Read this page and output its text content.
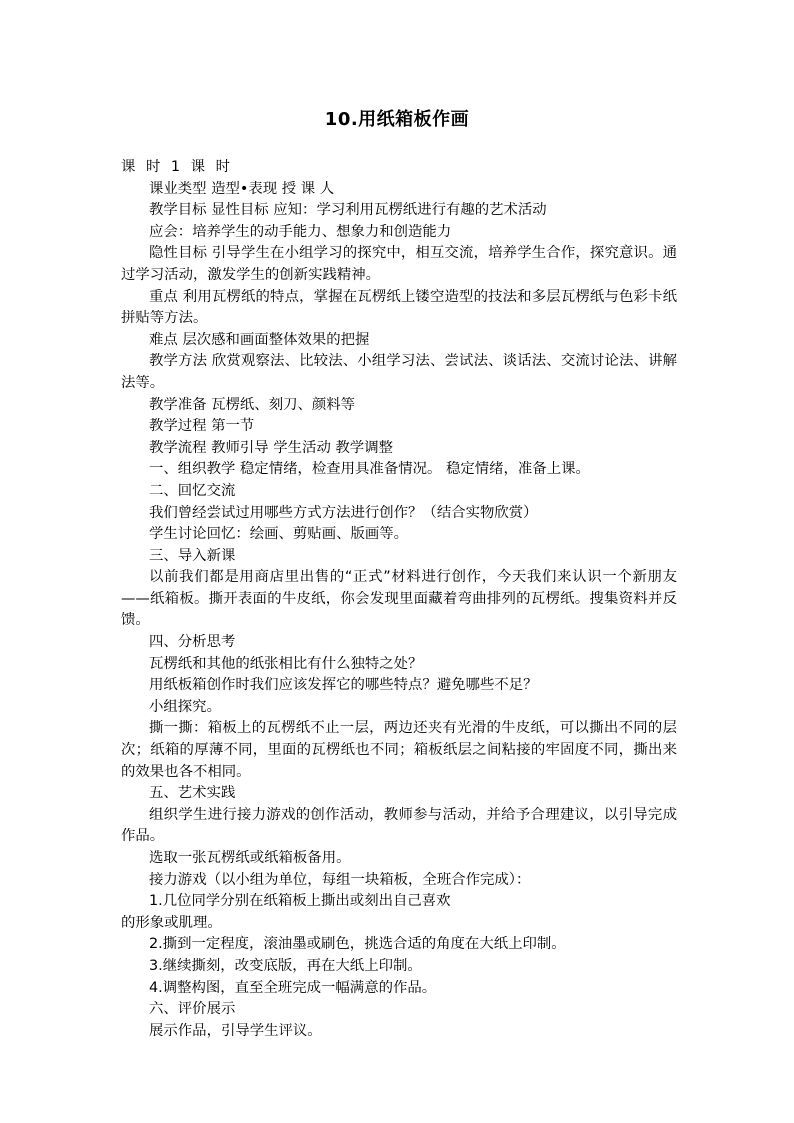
10.用纸箱板作画

课 时 1 课 时

课业类型 造型•表现 授 课 人

教学目标 显性目标 应知：学习利用瓦楞纸进行有趣的艺术活动

应会：培养学生的动手能力、想象力和创造能力

隐性目标 引导学生在小组学习的探究中，相互交流，培养学生合作，探究意识。通过学习活动，激发学生的创新实践精神。

重点 利用瓦楞纸的特点，掌握在瓦楞纸上镂空造型的技法和多层瓦楞纸与色彩卡纸拼贴等方法。

难点 层次感和画面整体效果的把握

教学方法 欣赏观察法、比较法、小组学习法、尝试法、谈话法、交流讨论法、讲解法等。

教学准备 瓦楞纸、刻刀、颜料等

教学过程 第一节

教学流程 教师引导 学生活动 教学调整

一、组织教学 稳定情绪，检查用具准备情况。 稳定情绪，准备上课。

二、回忆交流

我们曾经尝试过用哪些方式方法进行创作？（结合实物欣赏）

学生讨论回忆：绘画、剪贴画、版画等。

三、导入新课

以前我们都是用商店里出售的“正式”材料进行创作，今天我们来认识一个新朋友——纸箱板。撕开表面的牛皮纸，你会发现里面藏着弯曲排列的瓦楞纸。搜集资料并反馈。

四、分析思考

瓦楞纸和其他的纸张相比有什么独特之处？

用纸板箱创作时我们应该发挥它的哪些特点？避免哪些不足？

小组探究。

撕一撕：箱板上的瓦楞纸不止一层，两边还夹有光滑的牛皮纸，可以撕出不同的层次；纸箱的厚薄不同，里面的瓦楞纸也不同；箱板纸层之间粘接的牢固度不同，撕出来的效果也各不相同。

五、艺术实践

组织学生进行接力游戏的创作活动，教师参与活动，并给予合理建议，以引导完成作品。

选取一张瓦楞纸或纸箱板备用。

接力游戏（以小组为单位，每组一块箱板，全班合作完成）：

1.几位同学分别在纸箱板上撕出或刻出自己喜欢

的形象或肌理。

2.撕到一定程度，滚油墨或刷色，挑选合适的角度在大纸上印制。

3.继续撕刻，改变底版，再在大纸上印制。

4.调整构图，直至全班完成一幅满意的作品。

六、评价展示

展示作品，引导学生评议。
